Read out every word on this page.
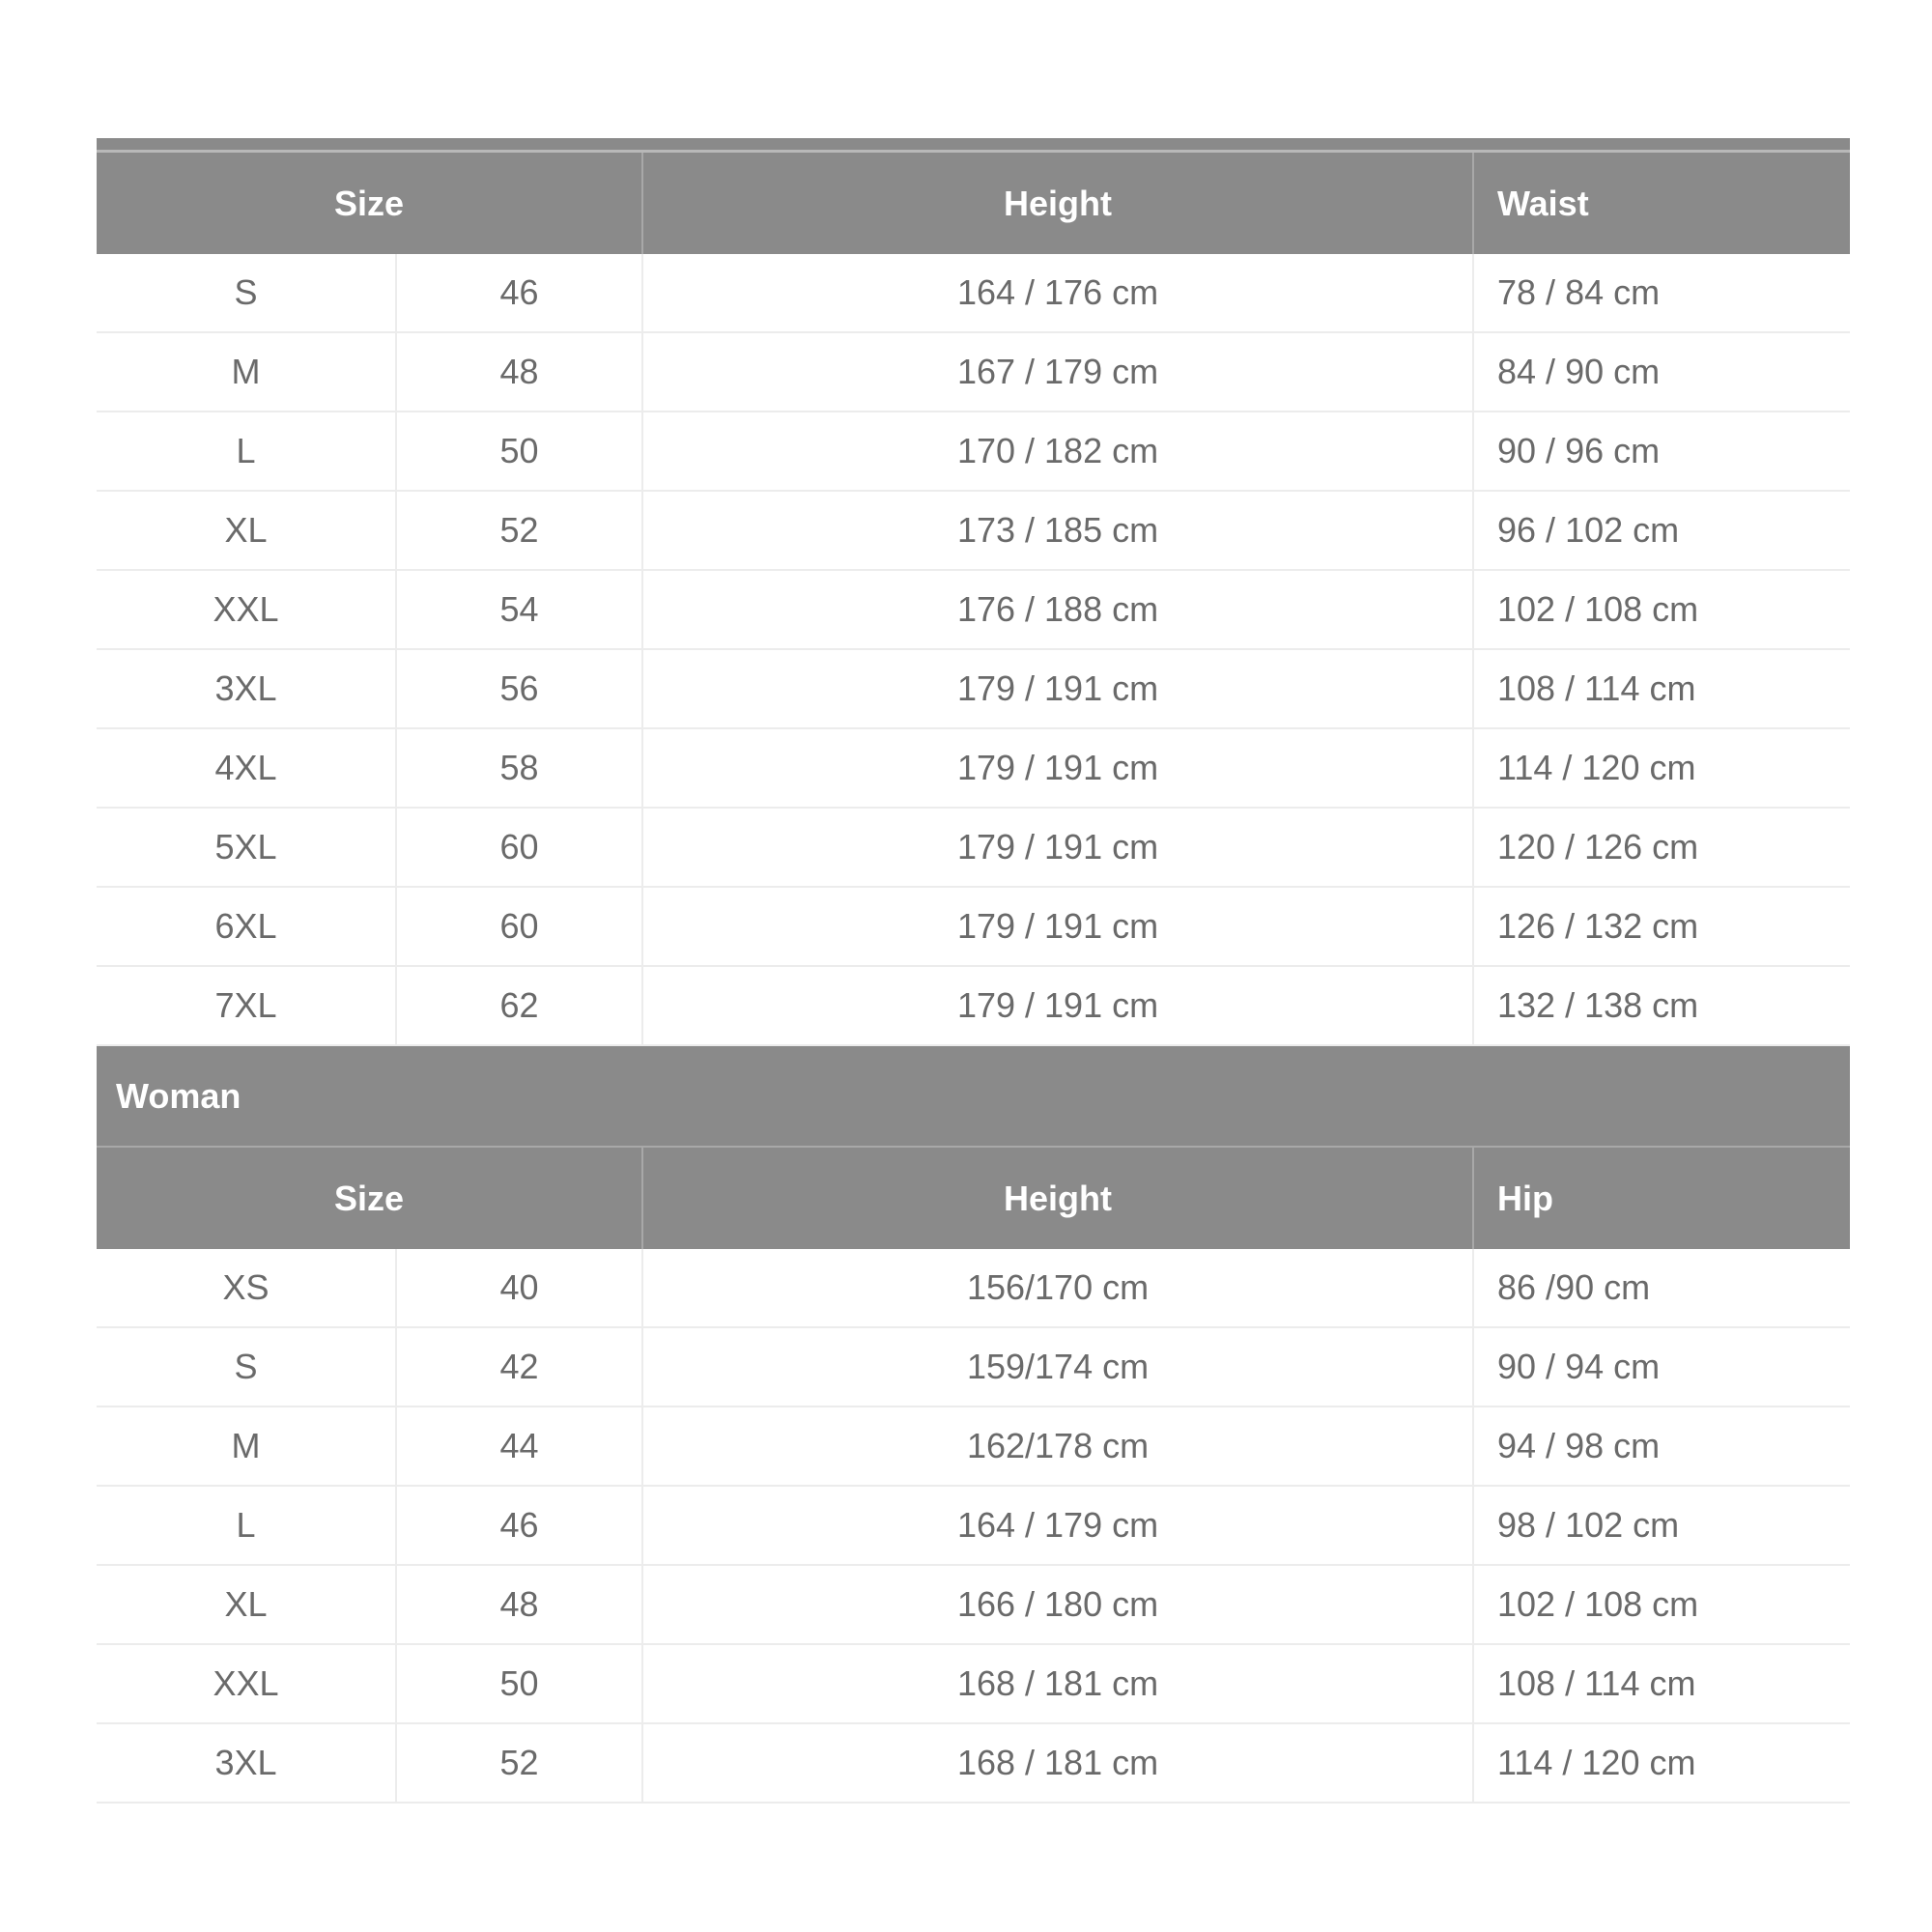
Size		Height	Waist
S	46	164 / 176 cm	78 / 84 cm
M	48	167 / 179 cm	84 / 90 cm
L	50	170 / 182 cm	90 / 96 cm
XL	52	173 / 185 cm	96 / 102 cm
XXL	54	176 / 188 cm	102 / 108 cm
3XL	56	179 / 191 cm	108 / 114 cm
4XL	58	179 / 191 cm	114 / 120 cm
5XL	60	179 / 191 cm	120 / 126 cm
6XL	60	179 / 191 cm	126 / 132 cm
7XL	62	179 / 191 cm	132 / 138 cm
Woman			
Size		Height	Hip
XS	40	156/170 cm	86 /90 cm
S	42	159/174 cm	90 / 94 cm
M	44	162/178 cm	94 / 98 cm
L	46	164 / 179 cm	98 / 102 cm
XL	48	166 / 180 cm	102 / 108 cm
XXL	50	168 / 181 cm	108 / 114 cm
3XL	52	168 / 181 cm	114 / 120 cm
